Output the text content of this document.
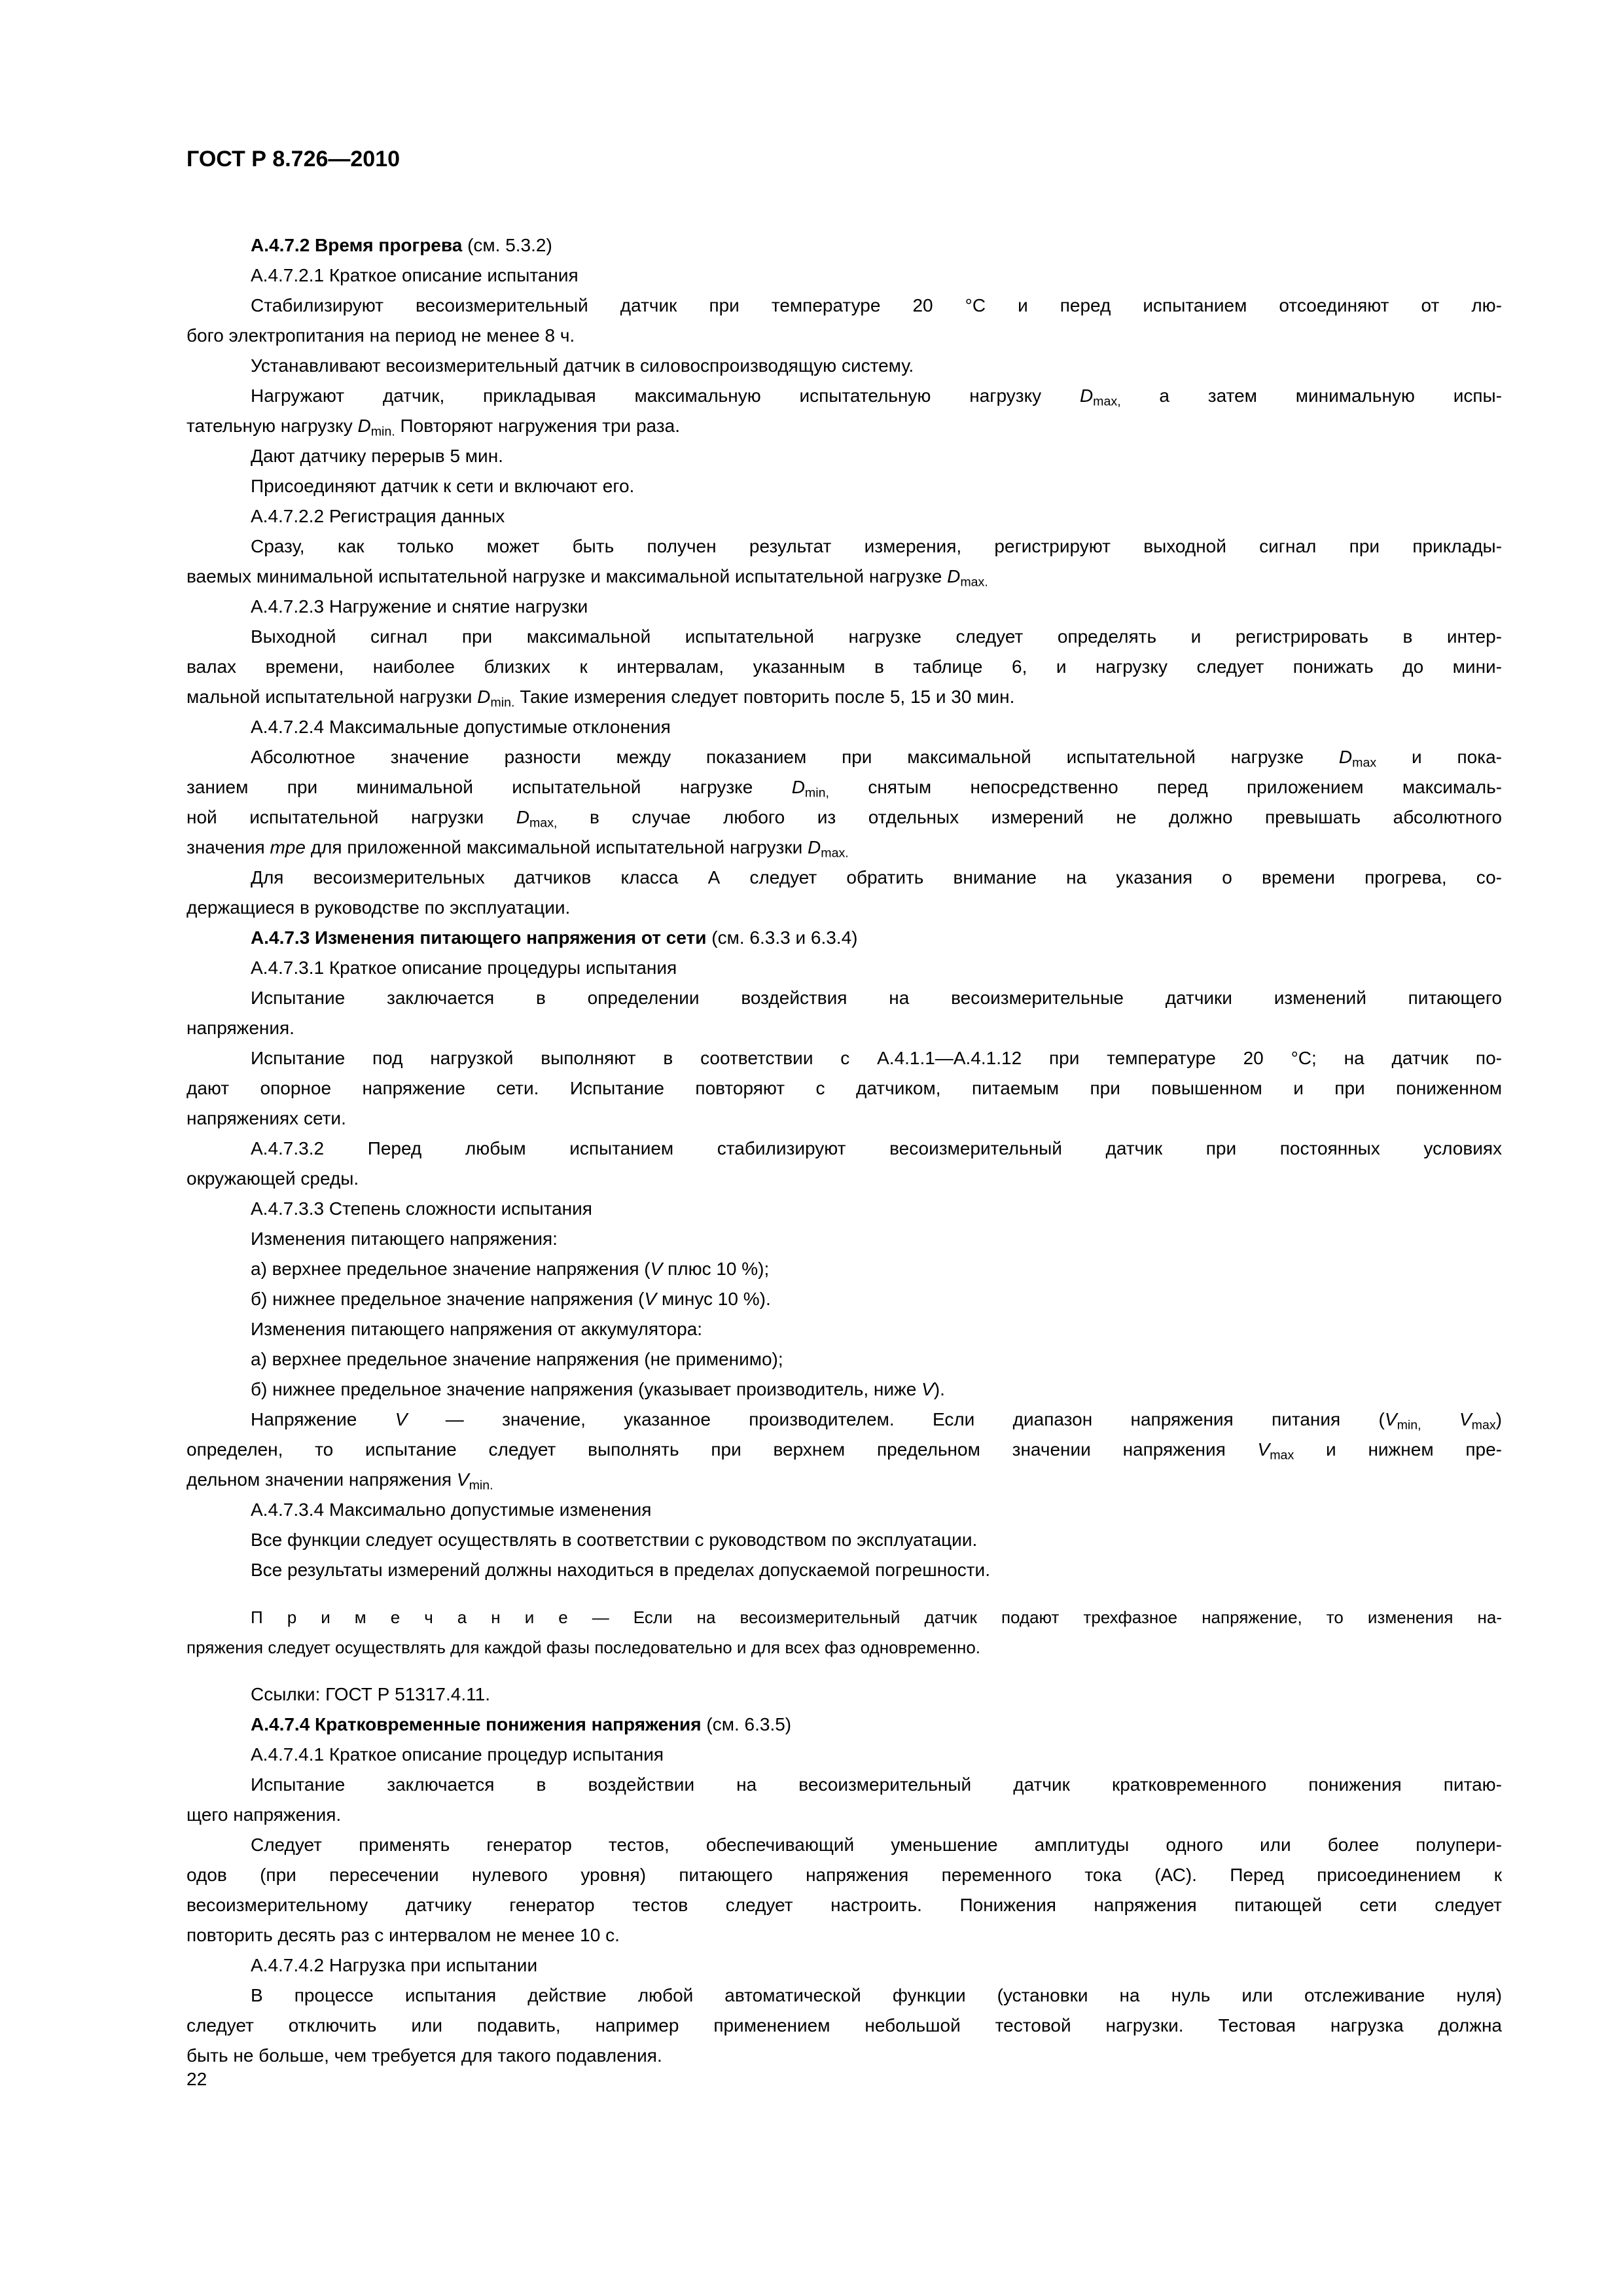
ГОСТ Р 8.726—2010
А.4.7.2 Время прогрева (см. 5.3.2)
А.4.7.2.1 Краткое описание испытания
Стабилизируют весоизмерительный датчик при температуре 20 °С и перед испытанием отсоединяют от лю-
бого электропитания на период не менее 8 ч.
Устанавливают весоизмерительный датчик в силовоспроизводящую систему.
Нагружают датчик, прикладывая максимальную испытательную нагрузку $D_{max,}$ а затем минимальную испы-
тательную нагрузку $D_{min.}$ Повторяют нагружения три раза.
Дают датчику перерыв 5 мин.
Присоединяют датчик к сети и включают его.
А.4.7.2.2 Регистрация данных
Сразу, как только может быть получен результат измерения, регистрируют выходной сигнал при приклады-
ваемых минимальной испытательной нагрузке и максимальной испытательной нагрузке $D_{max.}$
А.4.7.2.3 Нагружение и снятие нагрузки
Выходной сигнал при максимальной испытательной нагрузке следует определять и регистрировать в интер-
валах времени, наиболее близких к интервалам, указанным в таблице 6, и нагрузку следует понижать до мини-
мальной испытательной нагрузки $D_{min.}$ Такие измерения следует повторить после 5, 15 и 30 мин.
А.4.7.2.4 Максимальные допустимые отклонения
Абсолютное значение разности между показанием при максимальной испытательной нагрузке $D_{max}$ и пока-
занием при минимальной испытательной нагрузке $D_{min,}$ снятым непосредственно перед приложением максималь-
ной испытательной нагрузки $D_{max,}$ в случае любого из отдельных измерений не должно превышать абсолютного
значения mpe для приложенной максимальной испытательной нагрузки $D_{max.}$
Для весоизмерительных датчиков класса А следует обратить внимание на указания о времени прогрева, со-
держащиеся в руководстве по эксплуатации.
А.4.7.3 Изменения питающего напряжения от сети (см. 6.3.3 и 6.3.4)
А.4.7.3.1 Краткое описание процедуры испытания
Испытание заключается в определении воздействия на весоизмерительные датчики изменений питающего
напряжения.
Испытание под нагрузкой выполняют в соответствии с А.4.1.1—А.4.1.12 при температуре 20 °С; на датчик по-
дают опорное напряжение сети. Испытание повторяют с датчиком, питаемым при повышенном и при пониженном
напряжениях сети.
А.4.7.3.2 Перед любым испытанием стабилизируют весоизмерительный датчик при постоянных условиях
окружающей среды.
А.4.7.3.3 Степень сложности испытания
Изменения питающего напряжения:
а) верхнее предельное значение напряжения (V плюс 10 %);
б) нижнее предельное значение напряжения (V минус 10 %).
Изменения питающего напряжения от аккумулятора:
а) верхнее предельное значение напряжения (не применимо);
б) нижнее предельное значение напряжения (указывает производитель, ниже V).
Напряжение V — значение, указанное производителем. Если диапазон напряжения питания ($V_{min,}$ $V_{max}$)
определен, то испытание следует выполнять при верхнем предельном значении напряжения $V_{max}$ и нижнем пре-
дельном значении напряжения $V_{min.}$
А.4.7.3.4 Максимально допустимые изменения
Все функции следует осуществлять в соответствии с руководством по эксплуатации.
Все результаты измерений должны находиться в пределах допускаемой погрешности.
П р и м е ч а н и е — Если на весоизмерительный датчик подают трехфазное напряжение, то изменения на-
пряжения следует осуществлять для каждой фазы последовательно и для всех фаз одновременно.
Ссылки: ГОСТ Р 51317.4.11.
А.4.7.4 Кратковременные понижения напряжения (см. 6.3.5)
А.4.7.4.1 Краткое описание процедур испытания
Испытание заключается в воздействии на весоизмерительный датчик кратковременного понижения питаю-
щего напряжения.
Следует применять генератор тестов, обеспечивающий уменьшение амплитуды одного или более полупери-
одов (при пересечении нулевого уровня) питающего напряжения переменного тока (АС). Перед присоединением к
весоизмерительному датчику генератор тестов следует настроить. Понижения напряжения питающей сети следует
повторить десять раз с интервалом не менее 10 с.
А.4.7.4.2 Нагрузка при испытании
В процессе испытания действие любой автоматической функции (установки на нуль или отслеживание нуля)
следует отключить или подавить, например применением небольшой тестовой нагрузки. Тестовая нагрузка должна
быть не больше, чем требуется для такого подавления.
22
